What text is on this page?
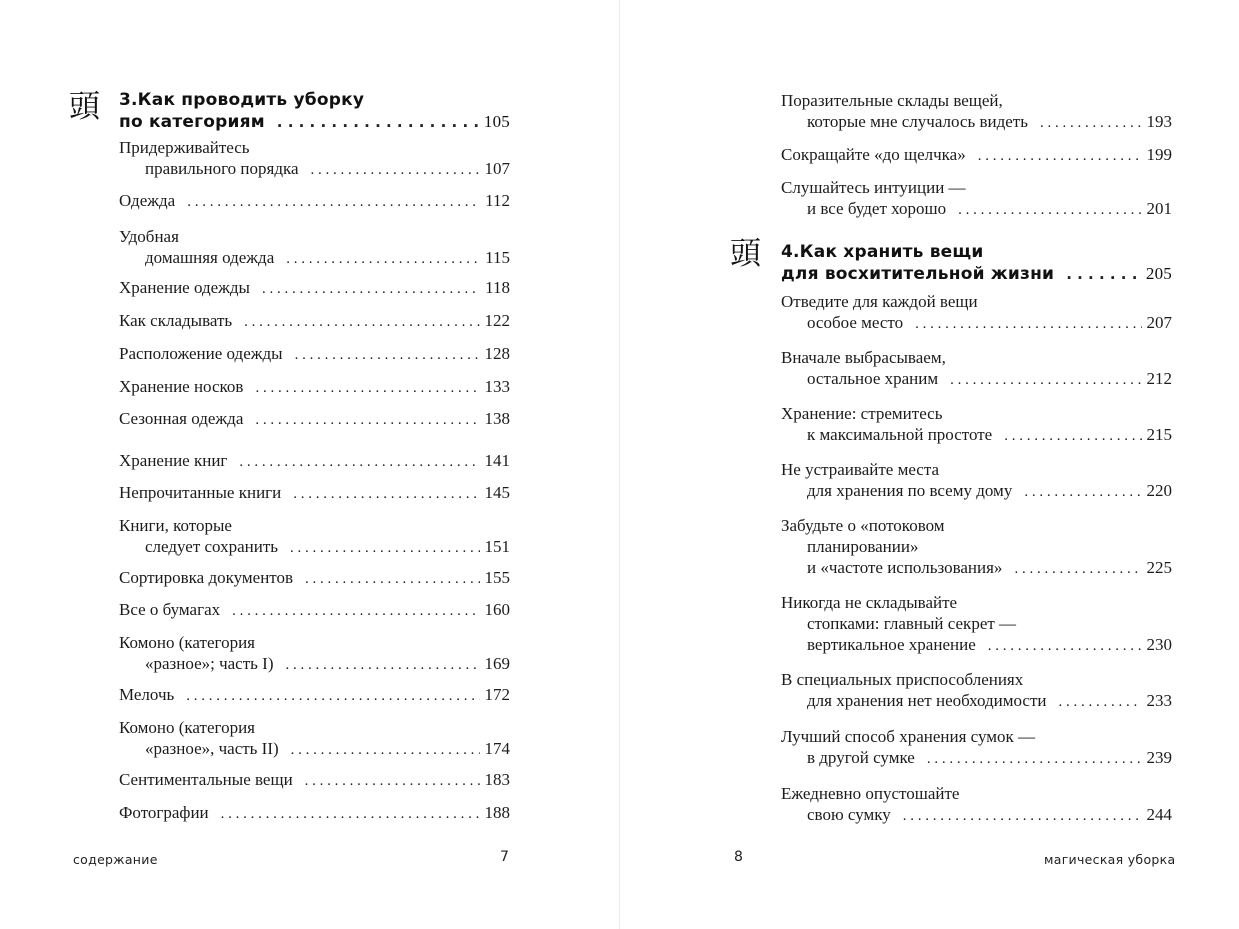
頭 3.Как проводить уборку
по категориям . . .	105
Придерживайтесь
правильного порядка . . .	107
Одежда . . .	112
Удобная
домашняя одежда . . .	115
Хранение одежды . . .	118
Как складывать . . .	122
Расположение одежды . . .	128
Хранение носков . . .	133
Сезонная одежда . . .	138
Хранение книг . . .	141
Непрочитанные книги . . .	145
Книги, которые
следует сохранить . . .	151
Сортировка документов . . .	155
Все о бумагах . . .	160
Комоно (категория
«разное»; часть I) . . .	169
Мелочь . . .	172
Комоно (категория
«разное», часть II) . . .	174
Сентиментальные вещи . . .	183
Фотографии . . .	188
содержание	7
Поразительные склады вещей,
которые мне случалось видеть . . .	193
Сокращайте «до щелчка» . . .	199
Слушайтесь интуиции —
и все будет хорошо . . .	201
頭 4.Как хранить вещи
для восхитительной жизни . . .	205
Отведите для каждой вещи
особое место . . .	207
Вначале выбрасываем,
остальное храним . . .	212
Хранение: стремитесь
к максимальной простоте . . .	215
Не устраивайте места
для хранения по всему дому . . .	220
Забудьте о «потоковом
планировании»
и «частоте использования» . . .	225
Никогда не складывайте
стопками: главный секрет —
вертикальное хранение . . .	230
В специальных приспособлениях
для хранения нет необходимости . . .	233
Лучший способ хранения сумок —
в другой сумке . . .	239
Ежедневно опустошайте
свою сумку . . .	244
8	магическая уборка
